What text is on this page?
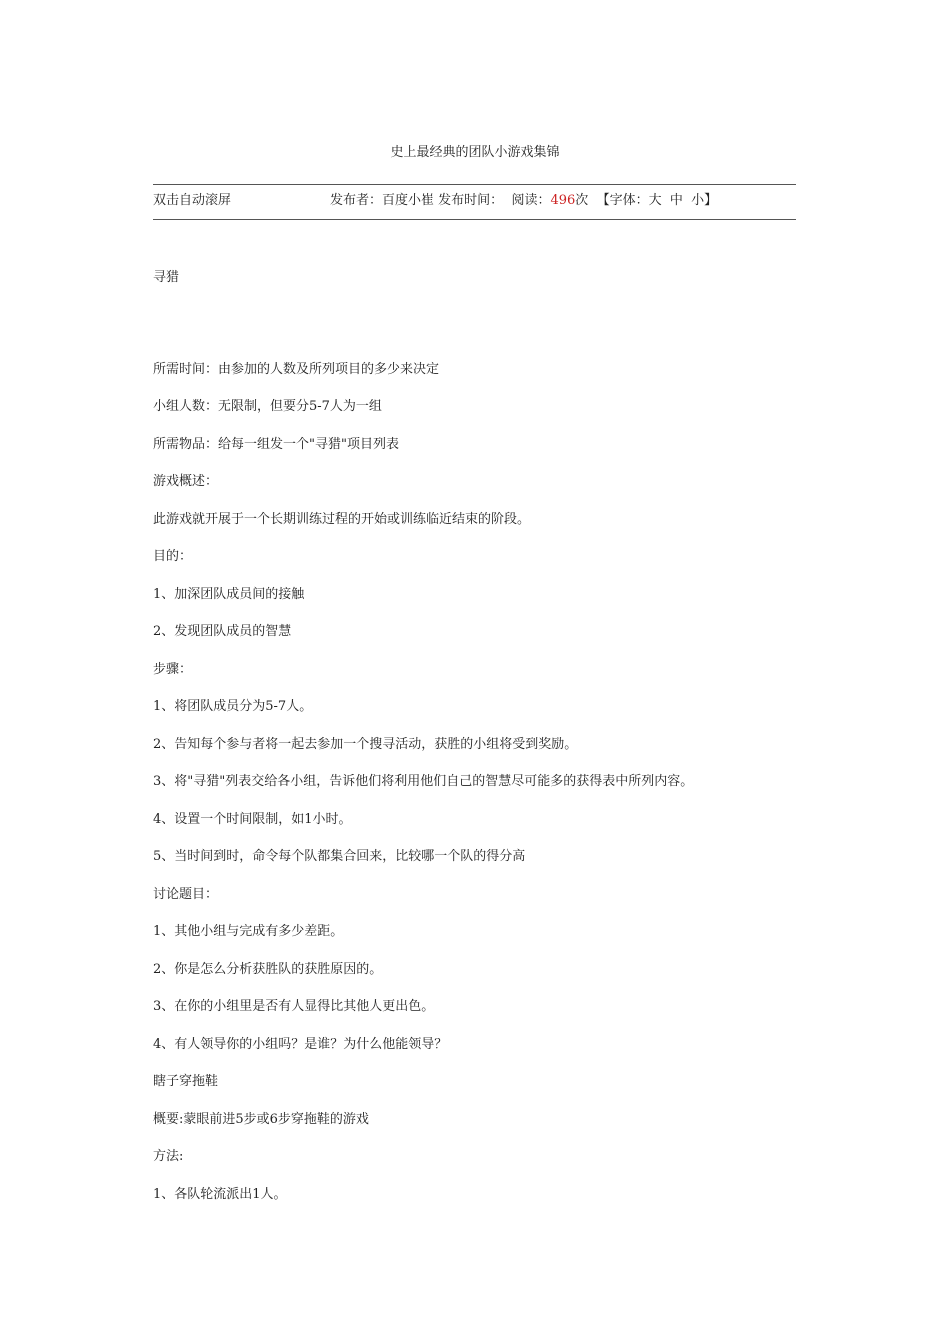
史上最经典的团队小游戏集锦
双击自动滚屏	发布者：百度小崔 发布时间： 阅读：496次 【字体：大 中 小】
寻猎
所需时间：由参加的人数及所列项目的多少来决定
小组人数：无限制，但要分5-7人为一组
所需物品：给每一组发一个"寻猎"项目列表
游戏概述：
此游戏就开展于一个长期训练过程的开始或训练临近结束的阶段。
目的：
1、加深团队成员间的接触
2、发现团队成员的智慧
步骤：
1、将团队成员分为5-7人。
2、告知每个参与者将一起去参加一个搜寻活动，获胜的小组将受到奖励。
3、将"寻猎"列表交给各小组，告诉他们将利用他们自己的智慧尽可能多的获得表中所列内容。
4、设置一个时间限制，如1小时。
5、当时间到时，命令每个队都集合回来，比较哪一个队的得分高
讨论题目：
1、其他小组与完成有多少差距。
2、你是怎么分析获胜队的获胜原因的。
3、在你的小组里是否有人显得比其他人更出色。
4、有人领导你的小组吗？是谁？为什么他能领导？
瞎子穿拖鞋
概要:蒙眼前进5步或6步穿拖鞋的游戏
方法:
1、各队轮流派出1人。
